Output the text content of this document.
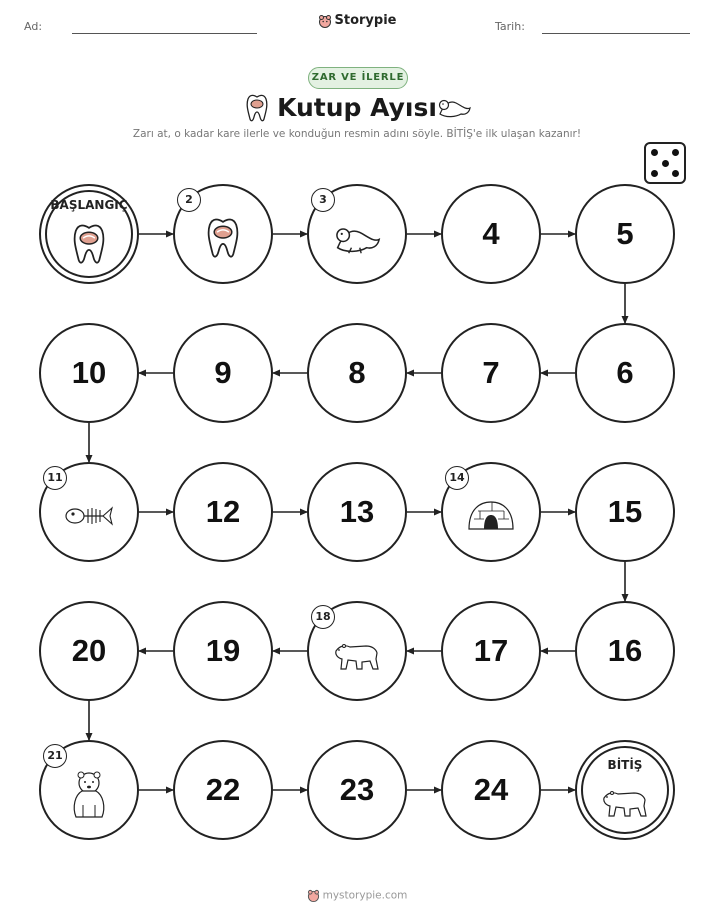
Ad:	Storypie	Tarih:
ZAR VE İLERLE
Kutup Ayısı
Zarı at, o kadar kare ilerle ve konduğun resmin adını söyle. BİTİŞ'e ilk ulaşan kazanır!
BAŞLANGIÇ	2	3
4	5
6
7
8
9
10
11
12	13
14
15
16
17
18
19
20
21
22	23	24
BİTİŞ
mystorypie.com
